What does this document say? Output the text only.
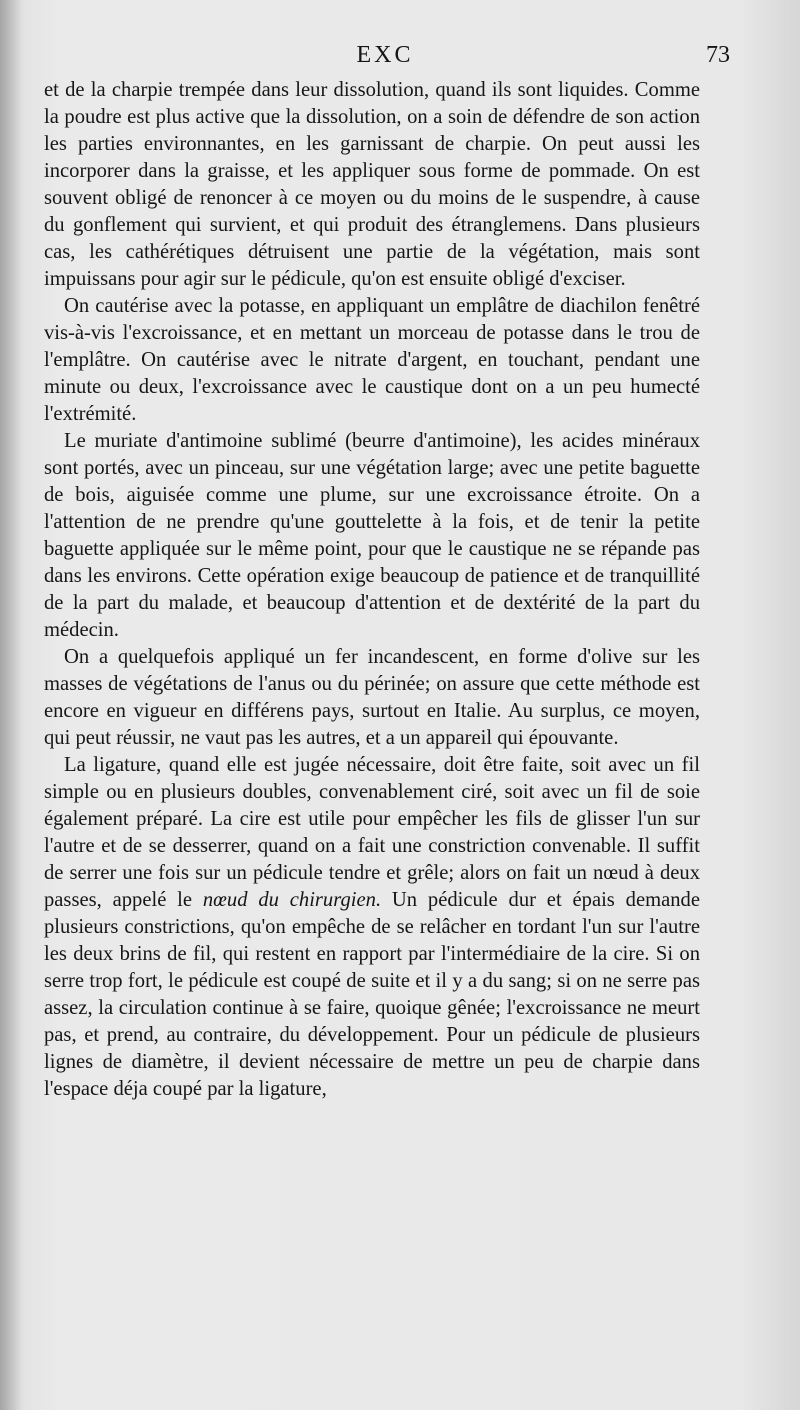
EXC	73

et de la charpie trempée dans leur dissolution, quand ils sont liquides. Comme la poudre est plus active que la dissolution, on a soin de défendre de son action les parties environnantes, en les garnissant de charpie. On peut aussi les incorporer dans la graisse, et les appliquer sous forme de pommade. On est souvent obligé de renoncer à ce moyen ou du moins de le suspendre, à cause du gonflement qui survient, et qui produit des étranglemens. Dans plusieurs cas, les cathérétiques détruisent une partie de la végétation, mais sont impuissans pour agir sur le pédicule, qu'on est ensuite obligé d'exciser.

On cautérise avec la potasse, en appliquant un emplâtre de diachilon fenêtré vis-à-vis l'excroissance, et en mettant un morceau de potasse dans le trou de l'emplâtre. On cautérise avec le nitrate d'argent, en touchant, pendant une minute ou deux, l'excroissance avec le caustique dont on a un peu humecté l'extrémité.

Le muriate d'antimoine sublimé (beurre d'antimoine), les acides minéraux sont portés, avec un pinceau, sur une végétation large; avec une petite baguette de bois, aiguisée comme une plume, sur une excroissance étroite. On a l'attention de ne prendre qu'une gouttelette à la fois, et de tenir la petite baguette appliquée sur le même point, pour que le caustique ne se répande pas dans les environs. Cette opération exige beaucoup de patience et de tranquillité de la part du malade, et beaucoup d'attention et de dextérité de la part du médecin.

On a quelquefois appliqué un fer incandescent, en forme d'olive sur les masses de végétations de l'anus ou du périnée; on assure que cette méthode est encore en vigueur en différens pays, surtout en Italie. Au surplus, ce moyen, qui peut réussir, ne vaut pas les autres, et a un appareil qui épouvante.

La ligature, quand elle est jugée nécessaire, doit être faite, soit avec un fil simple ou en plusieurs doubles, convenablement ciré, soit avec un fil de soie également préparé. La cire est utile pour empêcher les fils de glisser l'un sur l'autre et de se desserrer, quand on a fait une constriction convenable. Il suffit de serrer une fois sur un pédicule tendre et grêle; alors on fait un nœud à deux passes, appelé le nœud du chirurgien. Un pédicule dur et épais demande plusieurs constrictions, qu'on empêche de se relâcher en tordant l'un sur l'autre les deux brins de fil, qui restent en rapport par l'intermédiaire de la cire. Si on serre trop fort, le pédicule est coupé de suite et il y a du sang; si on ne serre pas assez, la circulation continue à se faire, quoique gênée; l'excroissance ne meurt pas, et prend, au contraire, du développement. Pour un pédicule de plusieurs lignes de diamètre, il devient nécessaire de mettre un peu de charpie dans l'espace déja coupé par la ligature,
